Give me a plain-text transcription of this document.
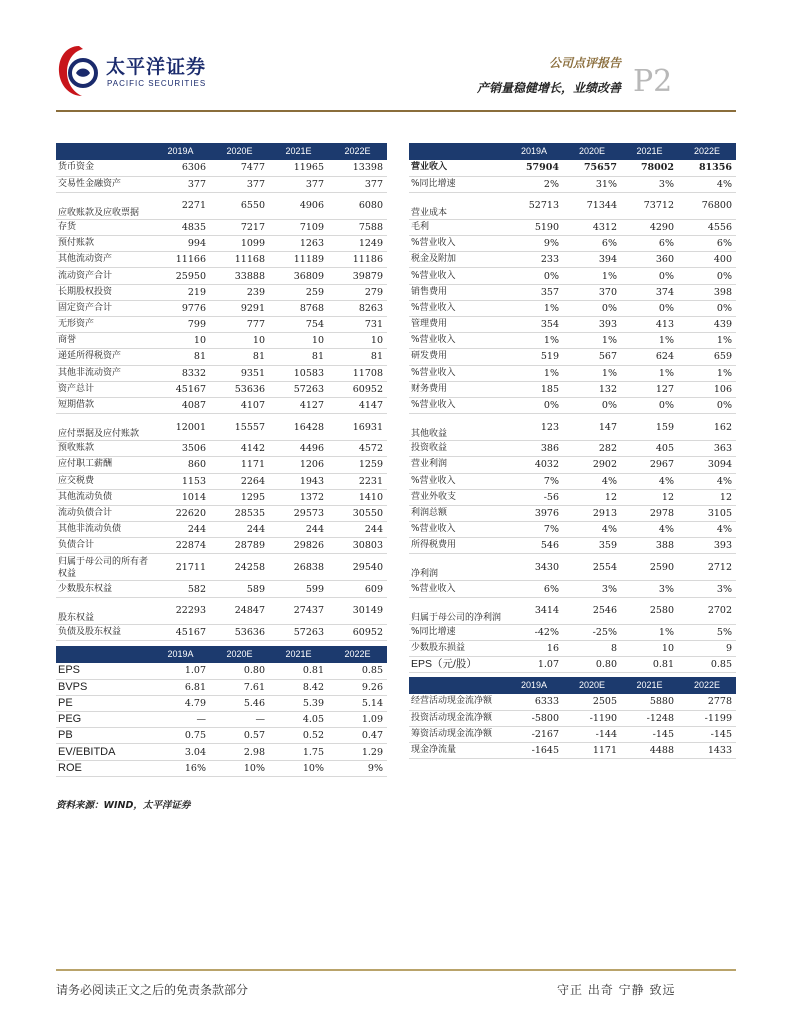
太平洋证券
PACIFIC SECURITIES
公司点评报告
产销量稳健增长，业绩改善 P2
	2019A	2020E	2021E	2022E
货币资金	6306	7477	11965	13398
交易性金融资产	377	377	377	377
应收账款及应收票据	2271	6550	4906	6080
存货	4835	7217	7109	7588
预付账款	994	1099	1263	1249
其他流动资产	11166	11168	11189	11186
流动资产合计	25950	33888	36809	39879
长期股权投资	219	239	259	279
固定资产合计	9776	9291	8768	8263
无形资产	799	777	754	731
商誉	10	10	10	10
递延所得税资产	81	81	81	81
其他非流动资产	8332	9351	10583	11708
资产总计	45167	53636	57263	60952
短期借款	4087	4107	4127	4147
应付票据及应付账款	12001	15557	16428	16931
预收账款	3506	4142	4496	4572
应付职工薪酬	860	1171	1206	1259
应交税费	1153	2264	1943	2231
其他流动负债	1014	1295	1372	1410
流动负债合计	22620	28535	29573	30550
其他非流动负债	244	244	244	244
负债合计	22874	28789	29826	30803
归属于母公司的所有者权益	21711	24258	26838	29540
少数股东权益	582	589	599	609
股东权益	22293	24847	27437	30149
负债及股东权益	45167	53636	57263	60952
	2019A	2020E	2021E	2022E
EPS	1.07	0.80	0.81	0.85
BVPS	6.81	7.61	8.42	9.26
PE	4.79	5.46	5.39	5.14
PEG	—	—	4.05	1.09
PB	0.75	0.57	0.52	0.47
EV/EBITDA	3.04	2.98	1.75	1.29
ROE	16%	10%	10%	9%
	2019A	2020E	2021E	2022E
营业收入	57904	75657	78002	81356
%同比增速	2%	31%	3%	4%
营业成本	52713	71344	73712	76800
毛利	5190	4312	4290	4556
%营业收入	9%	6%	6%	6%
税金及附加	233	394	360	400
%营业收入	0%	1%	0%	0%
销售费用	357	370	374	398
%营业收入	1%	0%	0%	0%
管理费用	354	393	413	439
%营业收入	1%	1%	1%	1%
研发费用	519	567	624	659
%营业收入	1%	1%	1%	1%
财务费用	185	132	127	106
%营业收入	0%	0%	0%	0%
其他收益	123	147	159	162
投资收益	386	282	405	363
营业利润	4032	2902	2967	3094
%营业收入	7%	4%	4%	4%
营业外收支	-56	12	12	12
利润总额	3976	2913	2978	3105
%营业收入	7%	4%	4%	4%
所得税费用	546	359	388	393
净利润	3430	2554	2590	2712
%营业收入	6%	3%	3%	3%
归属于母公司的净利润	3414	2546	2580	2702
%同比增速	-42%	-25%	1%	5%
少数股东损益	16	8	10	9
EPS（元/股）	1.07	0.80	0.81	0.85
	2019A	2020E	2021E	2022E
经营活动现金流净额	6333	2505	5880	2778
投资活动现金流净额	-5800	-1190	-1248	-1199
筹资活动现金流净额	-2167	-144	-145	-145
现金净流量	-1645	1171	4488	1433
资料来源：WIND，太平洋证券
请务必阅读正文之后的免责条款部分	守正 出奇 宁静 致远
